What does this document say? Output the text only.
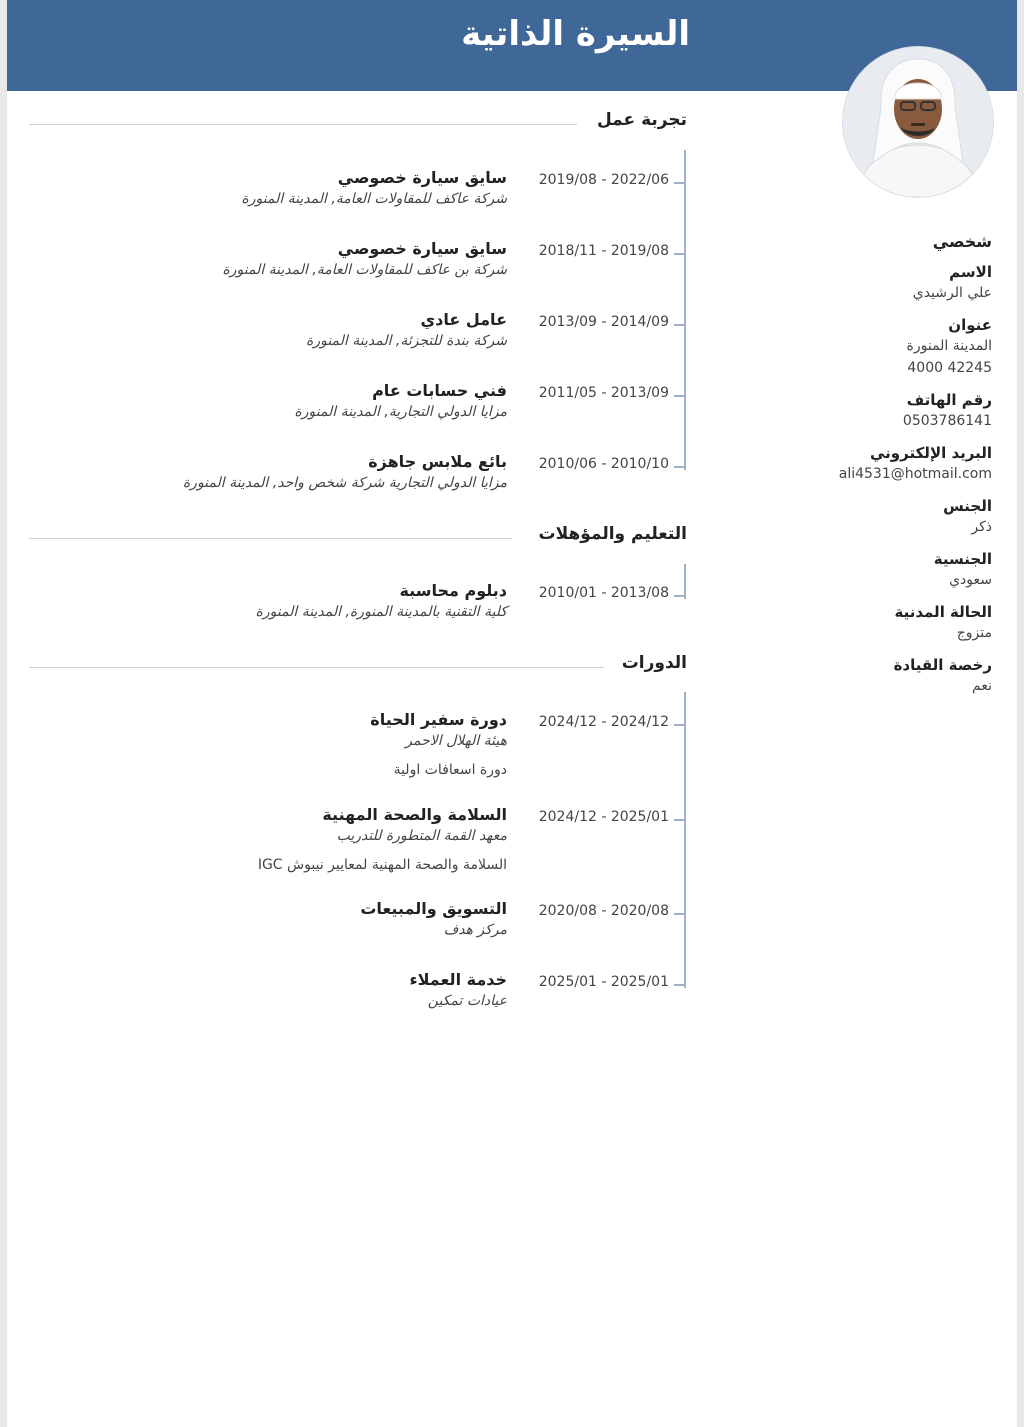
السيرة الذاتية
شخصي
الاسم
علي الرشيدي
عنوان
المدينة المنورة
4000 42245
رقم الهاتف
0503786141
البريد الإلكتروني
ali4531@hotmail.com
الجنس
ذكر
الجنسية
سعودي
الحالة المدنية
متزوج
رخصة القيادة
نعم
تجربة عمل
2019/08 - 2022/06
سايق سيارة خصوصي
شركة عاكف للمقاولات العامة, المدينة المنورة
2018/11 - 2019/08
سايق سيارة خصوصي
شركة بن عاكف للمقاولات العامة, المدينة المنورة
2013/09 - 2014/09
عامل عادي
شركة بندة للتجزئة, المدينة المنورة
2011/05 - 2013/09
فني حسابات عام
مزايا الدولي التجارية, المدينة المنورة
2010/06 - 2010/10
بائع ملابس جاهزة
مزايا الدولي التجارية شركة شخص واحد, المدينة المنورة
التعليم والمؤهلات
2010/01 - 2013/08
دبلوم محاسبة
كلية التقنية بالمدينة المنورة, المدينة المنورة
الدورات
2024/12 - 2024/12
دورة سفير الحياة
هيئة الهلال الاحمر
دورة اسعافات اولية
2024/12 - 2025/01
السلامة والصحة المهنية
معهد القمة المتطورة للتدريب
السلامة والصحة المهنية لمعايير نيبوش IGC
2020/08 - 2020/08
التسويق والمبيعات
مركز هدف
2025/01 - 2025/01
خدمة العملاء
عيادات تمكين
